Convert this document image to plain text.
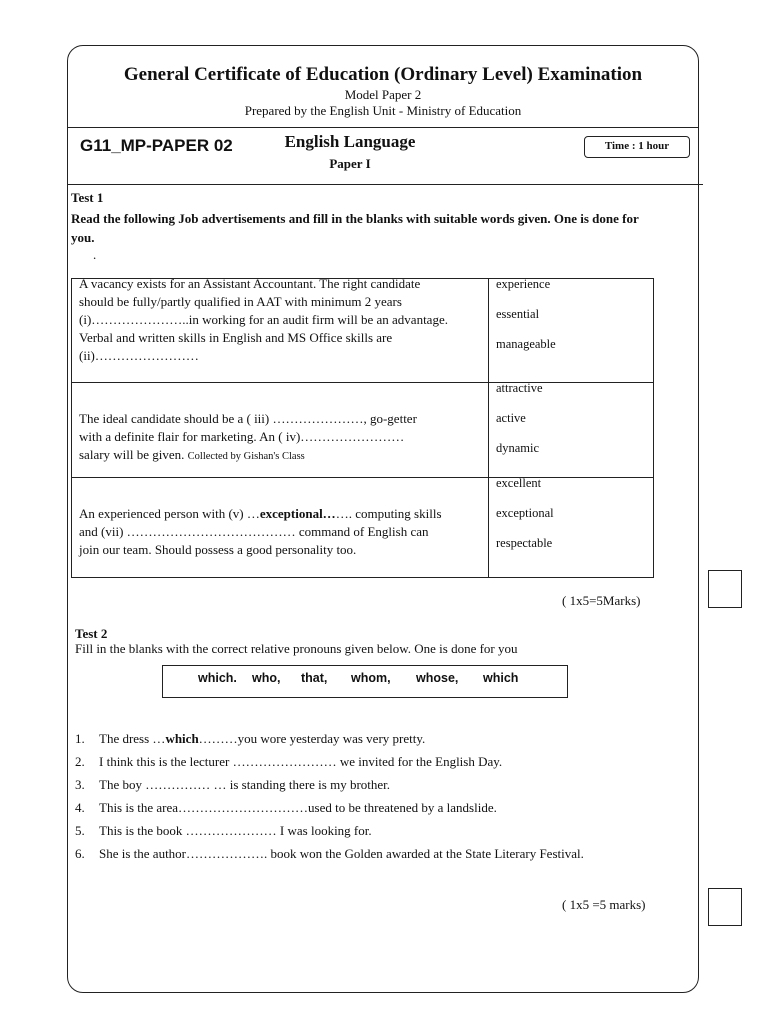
General Certificate of Education (Ordinary Level) Examination
Model Paper 2
Prepared by the English Unit - Ministry of Education
G11_MP-PAPER 02	English Language
Paper I
Time : 1 hour
Test 1
Read the following Job advertisements and fill in the blanks with suitable words given. One is done for
you.
.
A vacancy exists for an Assistant Accountant. The right candidate
should be fully/partly qualified in AAT with minimum 2 years
(i)…………………..in working for an audit firm will be an advantage.
Verbal and written skills in English and MS Office skills are
(ii)……………………
experience
essential
manageable
The ideal candidate should be a ( iii) …………………, go-getter
with a definite flair for marketing. An ( iv)……………………
salary will be given. Collected by Gishan's Class
attractive
active
dynamic
An experienced person with (v) …exceptional……. computing skills
and (vii) ………………………………… command of English can
join our team. Should possess a good personality too.
excellent
exceptional
respectable
( 1x5=5Marks)
Test 2
Fill in the blanks with the correct relative pronouns given below. One is done for you
which. who, that, whom, whose, which
1. The dress …which………you wore yesterday was very pretty.
2. I think this is the lecturer …………………… we invited for the English Day.
3. The boy …………… … is standing there is my brother.
4. This is the area…………………………used to be threatened by a landslide.
5. This is the book ………………… I was looking for.
6. She is the author………………. book won the Golden awarded at the State Literary Festival.
( 1x5 =5 marks)
